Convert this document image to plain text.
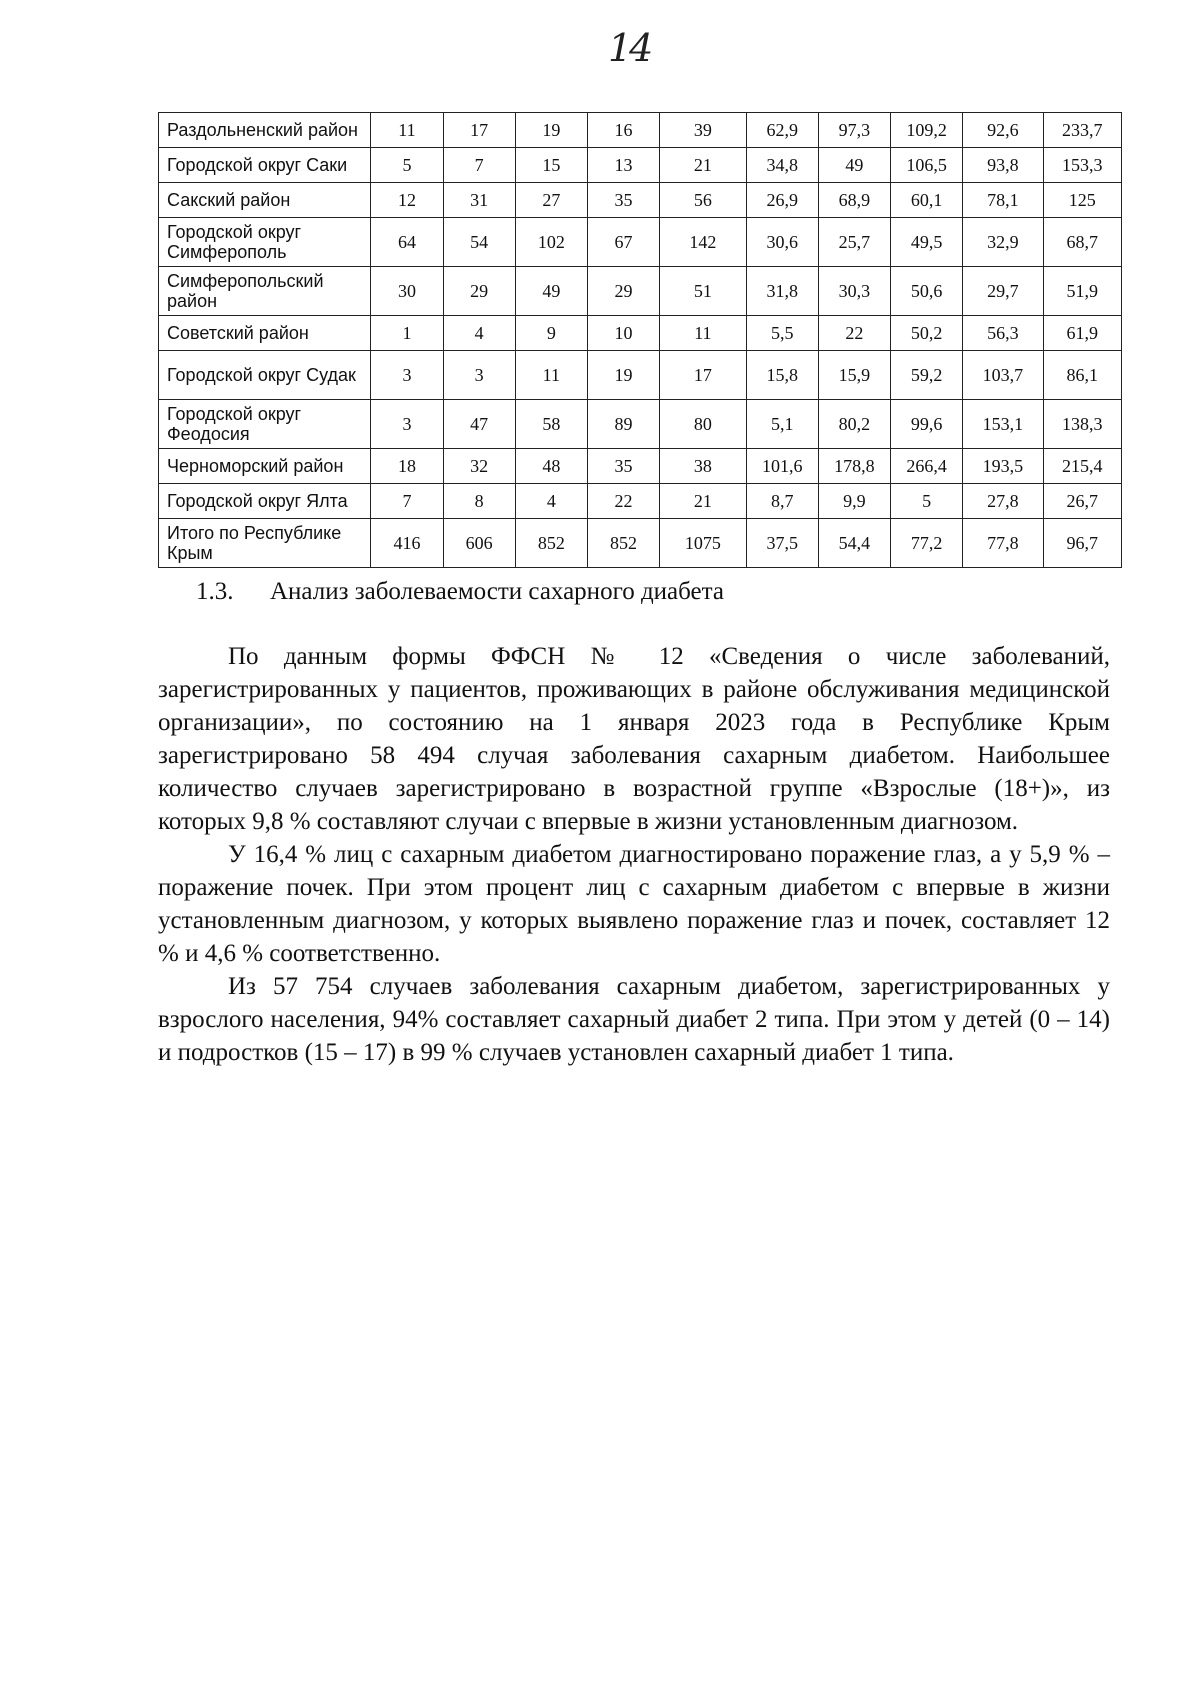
14
Раздольненский район	11	17	19	16	39	62,9	97,3	109,2	92,6	233,7
Городской округ Саки	5	7	15	13	21	34,8	49	106,5	93,8	153,3
Сакский район	12	31	27	35	56	26,9	68,9	60,1	78,1	125
Городской округ Симферополь	64	54	102	67	142	30,6	25,7	49,5	32,9	68,7
Симферопольский район	30	29	49	29	51	31,8	30,3	50,6	29,7	51,9
Советский район	1	4	9	10	11	5,5	22	50,2	56,3	61,9
Городской округ Судак	3	3	11	19	17	15,8	15,9	59,2	103,7	86,1
Городской округ Феодосия	3	47	58	89	80	5,1	80,2	99,6	153,1	138,3
Черноморский район	18	32	48	35	38	101,6	178,8	266,4	193,5	215,4
Городской округ Ялта	7	8	4	22	21	8,7	9,9	5	27,8	26,7
Итого по Республике Крым	416	606	852	852	1075	37,5	54,4	77,2	77,8	96,7
1.3. Анализ заболеваемости сахарного диабета

По данным формы ФФСН № 12 «Сведения о числе заболеваний, зарегистрированных у пациентов, проживающих в районе обслуживания медицинской организации», по состоянию на 1 января 2023 года в Республике Крым зарегистрировано 58 494 случая заболевания сахарным диабетом. Наибольшее количество случаев зарегистрировано в возрастной группе «Взрослые (18+)», из которых 9,8 % составляют случаи с впервые в жизни установленным диагнозом.

У 16,4 % лиц с сахарным диабетом диагностировано поражение глаз, а у 5,9 % – поражение почек. При этом процент лиц с сахарным диабетом с впервые в жизни установленным диагнозом, у которых выявлено поражение глаз и почек, составляет 12 % и 4,6 % соответственно.

Из 57 754 случаев заболевания сахарным диабетом, зарегистрированных у взрослого населения, 94% составляет сахарный диабет 2 типа. При этом у детей (0 – 14) и подростков (15 – 17) в 99 % случаев установлен сахарный диабет 1 типа.
